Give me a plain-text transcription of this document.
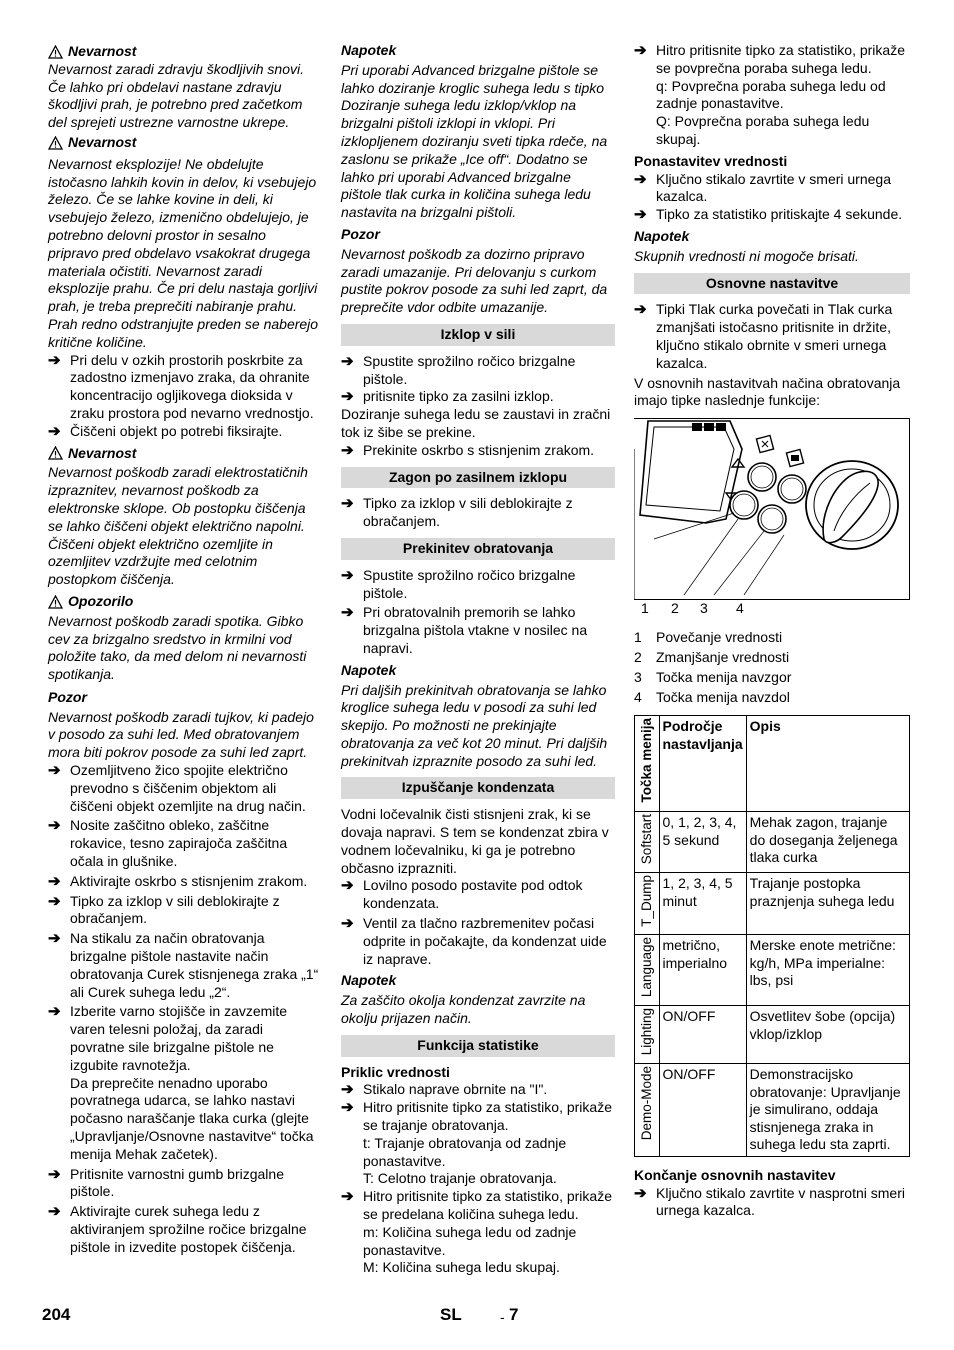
Nevarnost

Nevarnost zaradi zdravju škodljivih snovi. Če lahko pri obdelavi nastane zdravju škodljivi prah, je potrebno pred začetkom del sprejeti ustrezne varnostne ukrepe.

Nevarnost

Nevarnost eksplozije! Ne obdelujte istočasno lahkih kovin in delov, ki vsebujejo železo. Če se lahke kovine in deli, ki vsebujejo železo, izmenično obdelujejo, je potrebno delovni prostor in sesalno pripravo pred obdelavo vsakokrat drugega materiala očistiti. Nevarnost zaradi eksplozije prahu. Če pri delu nastaja gorljivi prah, je treba preprečiti nabiranje prahu. Prah redno odstranjujte preden se naberejo kritične količine.

➔ Pri delu v ozkih prostorih poskrbite za zadostno izmenjavo zraka, da ohranite koncentracijo ogljikovega dioksida v zraku prostora pod nevarno vrednostjo.
➔ Čiščeni objekt po potrebi fiksirajte.
Nevarnost

Nevarnost poškodb zaradi elektrostatičnih izpraznitev, nevarnost poškodb za elektronske sklope. Ob postopku čiščenja se lahko čiščeni objekt električno napolni. Čiščeni objekt električno ozemljite in ozemljitev vzdržujte med celotnim postopkom čiščenja.

Opozorilo

Nevarnost poškodb zaradi spotika. Gibko cev za brizgalno sredstvo in krmilni vod položite tako, da med delom ni nevarnosti spotikanja.

Pozor

Nevarnost poškodb zaradi tujkov, ki padejo v posodo za suhi led. Med obratovanjem mora biti pokrov posode za suhi led zaprt.

➔ Ozemljitveno žico spojite električno prevodno s čiščenim objektom ali čiščeni objekt ozemljite na drug način.
➔ Nosite zaščitno obleko, zaščitne rokavice, tesno zapirajoča zaščitna očala in glušnike.
➔ Aktivirajte oskrbo s stisnjenim zrakom.
➔ Tipko za izklop v sili deblokirajte z obračanjem.
➔ Na stikalu za način obratovanja brizgalne pištole nastavite način obratovanja Curek stisnjenega zraka „1“ ali Curek suhega ledu „2“.
➔ Izberite varno stojišče in zavzemite varen telesni položaj, da zaradi povratne sile brizgalne pištole ne izgubite ravnotežja.

Da preprečite nenadno uporabo povratnega udarca, se lahko nastavi počasno naraščanje tlaka curka (glejte „Upravljanje/Osnovne nastavitve“ točka menija Mehak začetek).

➔ Pritisnite varnostni gumb brizgalne pištole.
➔ Aktivirajte curek suhega ledu z aktiviranjem sprožilne ročice brizgalne pištole in izvedite postopek čiščenja.

Napotek

Pri uporabi Advanced brizgalne pištole se lahko doziranje kroglic suhega ledu s tipko Doziranje suhega ledu izklop/vklop na brizgalni pištoli izklopi in vklopi. Pri izklopljenem doziranju sveti tipka rdeče, na zaslonu se prikaže „Ice off“. Dodatno se lahko pri uporabi Advanced brizgalne pištole tlak curka in količina suhega ledu nastavita na brizgalni pištoli.

Pozor

Nevarnost poškodb za dozirno pripravo zaradi umazanije. Pri delovanju s curkom pustite pokrov posode za suhi led zaprt, da preprečite vdor odbite umazanije.

Izklop v sili
➔ Spustite sprožilno ročico brizgalne pištole.
➔ pritisnite tipko za zasilni izklop.

Doziranje suhega ledu se zaustavi in zračni tok iz šibe se prekine.

➔ Prekinite oskrbo s stisnjenim zrakom.
Zagon po zasilnem izklopu
➔ Tipko za izklop v sili deblokirajte z obračanjem.
Prekinitev obratovanja
➔ Spustite sprožilno ročico brizgalne pištole.
➔ Pri obratovalnih premorih se lahko brizgalna pištola vtakne v nosilec na napravi.

Napotek

Pri daljših prekinitvah obratovanja se lahko kroglice suhega ledu v posodi za suhi led skepijo. Po možnosti ne prekinjajte obratovanja za več kot 20 minut. Pri daljših prekinitvah izpraznite posodo za suhi led.

Izpuščanje kondenzata

Vodni ločevalnik čisti stisnjeni zrak, ki se dovaja napravi. S tem se kondenzat zbira v vodnem ločevalniku, ki ga je potrebno občasno izprazniti.

➔ Lovilno posodo postavite pod odtok kondenzata.
➔ Ventil za tlačno razbremenitev počasi odprite in počakajte, da kondenzat uide iz naprave.

Napotek

Za zaščito okolja kondenzat zavrzite na okolju prijazen način.

Funkcija statistike

Priklic vrednosti

➔ Stikalo naprave obrnite na "I".
➔ Hitro pritisnite tipko za statistiko, prikaže se trajanje obratovanja.

t: Trajanje obratovanja od zadnje ponastavitve.

T: Celotno trajanje obratovanja.

➔ Hitro pritisnite tipko za statistiko, prikaže se predelana količina suhega ledu.

m: Količina suhega ledu od zadnje ponastavitve.

M: Količina suhega ledu skupaj.

➔ Hitro pritisnite tipko za statistiko, prikaže se povprečna poraba suhega ledu.

q: Povprečna poraba suhega ledu od zadnje ponastavitve.

Q: Povprečna poraba suhega ledu skupaj.

Ponastavitev vrednosti

➔ Ključno stikalo zavrtite v smeri urnega kazalca.
➔ Tipko za statistiko pritiskajte 4 sekunde.

Napotek

Skupnih vrednosti ni mogoče brisati.

Osnovne nastavitve
➔ Tipki Tlak curka povečati in Tlak curka zmanjšati istočasno pritisnite in držite, ključno stikalo obrnite v smeri urnega kazalca.

V osnovnih nastavitvah načina obratovanja imajo tipke naslednje funkcije:

1 2 3 4
1	Povečanje vrednosti
2	Zmanjšanje vrednosti
3	Točka menija navzgor
4	Točka menija navzdol
Točka menija	Področje nastavljanja	Opis

Softstart	0, 1, 2, 3, 4, 5 sekund	Mehak zagon, trajanje do doseganja željenega tlaka curka

T_Dump	1, 2, 3, 4, 5 minut	Trajanje postopka praznjenja suhega ledu

Language	metrično, imperialno	Merske enote metrične: kg/h, MPa imperialne: lbs, psi

Lighting	ON/OFF	Osvetlitev šobe (opcija) vklop/izklop

Demo-Mode	ON/OFF	Demonstracijsko obratovanje: Upravljanje je simulirano, oddaja stisnjenega zraka in suhega ledu sta zaprti.

Končanje osnovnih nastavitev

➔ Ključno stikalo zavrtite v nasprotni smeri urnega kazalca.
204	SL	- 7
